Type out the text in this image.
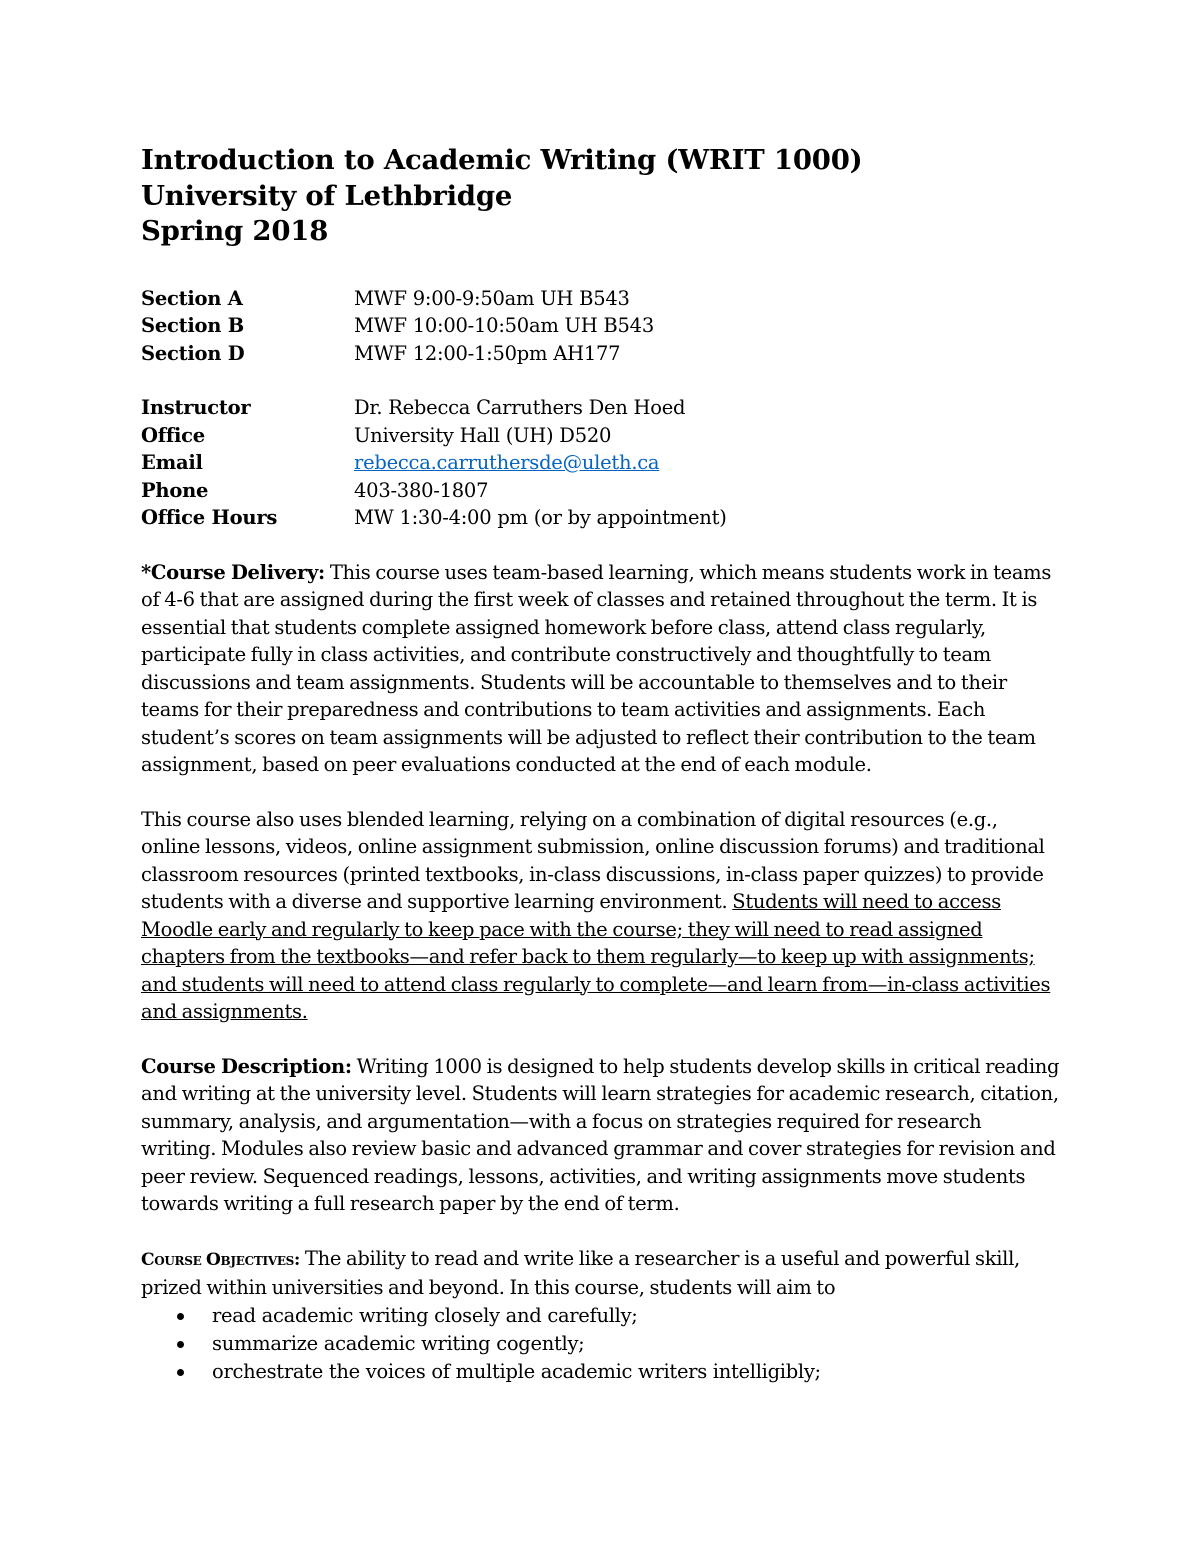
Introduction to Academic Writing (WRIT 1000)
University of Lethbridge
Spring 2018
Section A	MWF 9:00-9:50am UH B543
Section B	MWF 10:00-10:50am UH B543
Section D	MWF 12:00-1:50pm AH177
Instructor	Dr. Rebecca Carruthers Den Hoed
Office	University Hall (UH) D520
Email	rebecca.carruthersde@uleth.ca
Phone	403-380-1807
Office Hours	MW 1:30-4:00 pm (or by appointment)

*Course Delivery: This course uses team-based learning, which means students work in teams of 4-6 that are assigned during the first week of classes and retained throughout the term. It is essential that students complete assigned homework before class, attend class regularly, participate fully in class activities, and contribute constructively and thoughtfully to team discussions and team assignments. Students will be accountable to themselves and to their teams for their preparedness and contributions to team activities and assignments. Each student’s scores on team assignments will be adjusted to reflect their contribution to the team assignment, based on peer evaluations conducted at the end of each module.

This course also uses blended learning, relying on a combination of digital resources (e.g., online lessons, videos, online assignment submission, online discussion forums) and traditional classroom resources (printed textbooks, in-class discussions, in-class paper quizzes) to provide students with a diverse and supportive learning environment. Students will need to access Moodle early and regularly to keep pace with the course; they will need to read assigned chapters from the textbooks—and refer back to them regularly—to keep up with assignments; and students will need to attend class regularly to complete—and learn from—in-class activities and assignments.

Course Description: Writing 1000 is designed to help students develop skills in critical reading and writing at the university level. Students will learn strategies for academic research, citation, summary, analysis, and argumentation—with a focus on strategies required for research writing. Modules also review basic and advanced grammar and cover strategies for revision and peer review. Sequenced readings, lessons, activities, and writing assignments move students towards writing a full research paper by the end of term.

Course Objectives: The ability to read and write like a researcher is a useful and powerful skill, prized within universities and beyond. In this course, students will aim to

read academic writing closely and carefully;
summarize academic writing cogently;
orchestrate the voices of multiple academic writers intelligibly;
